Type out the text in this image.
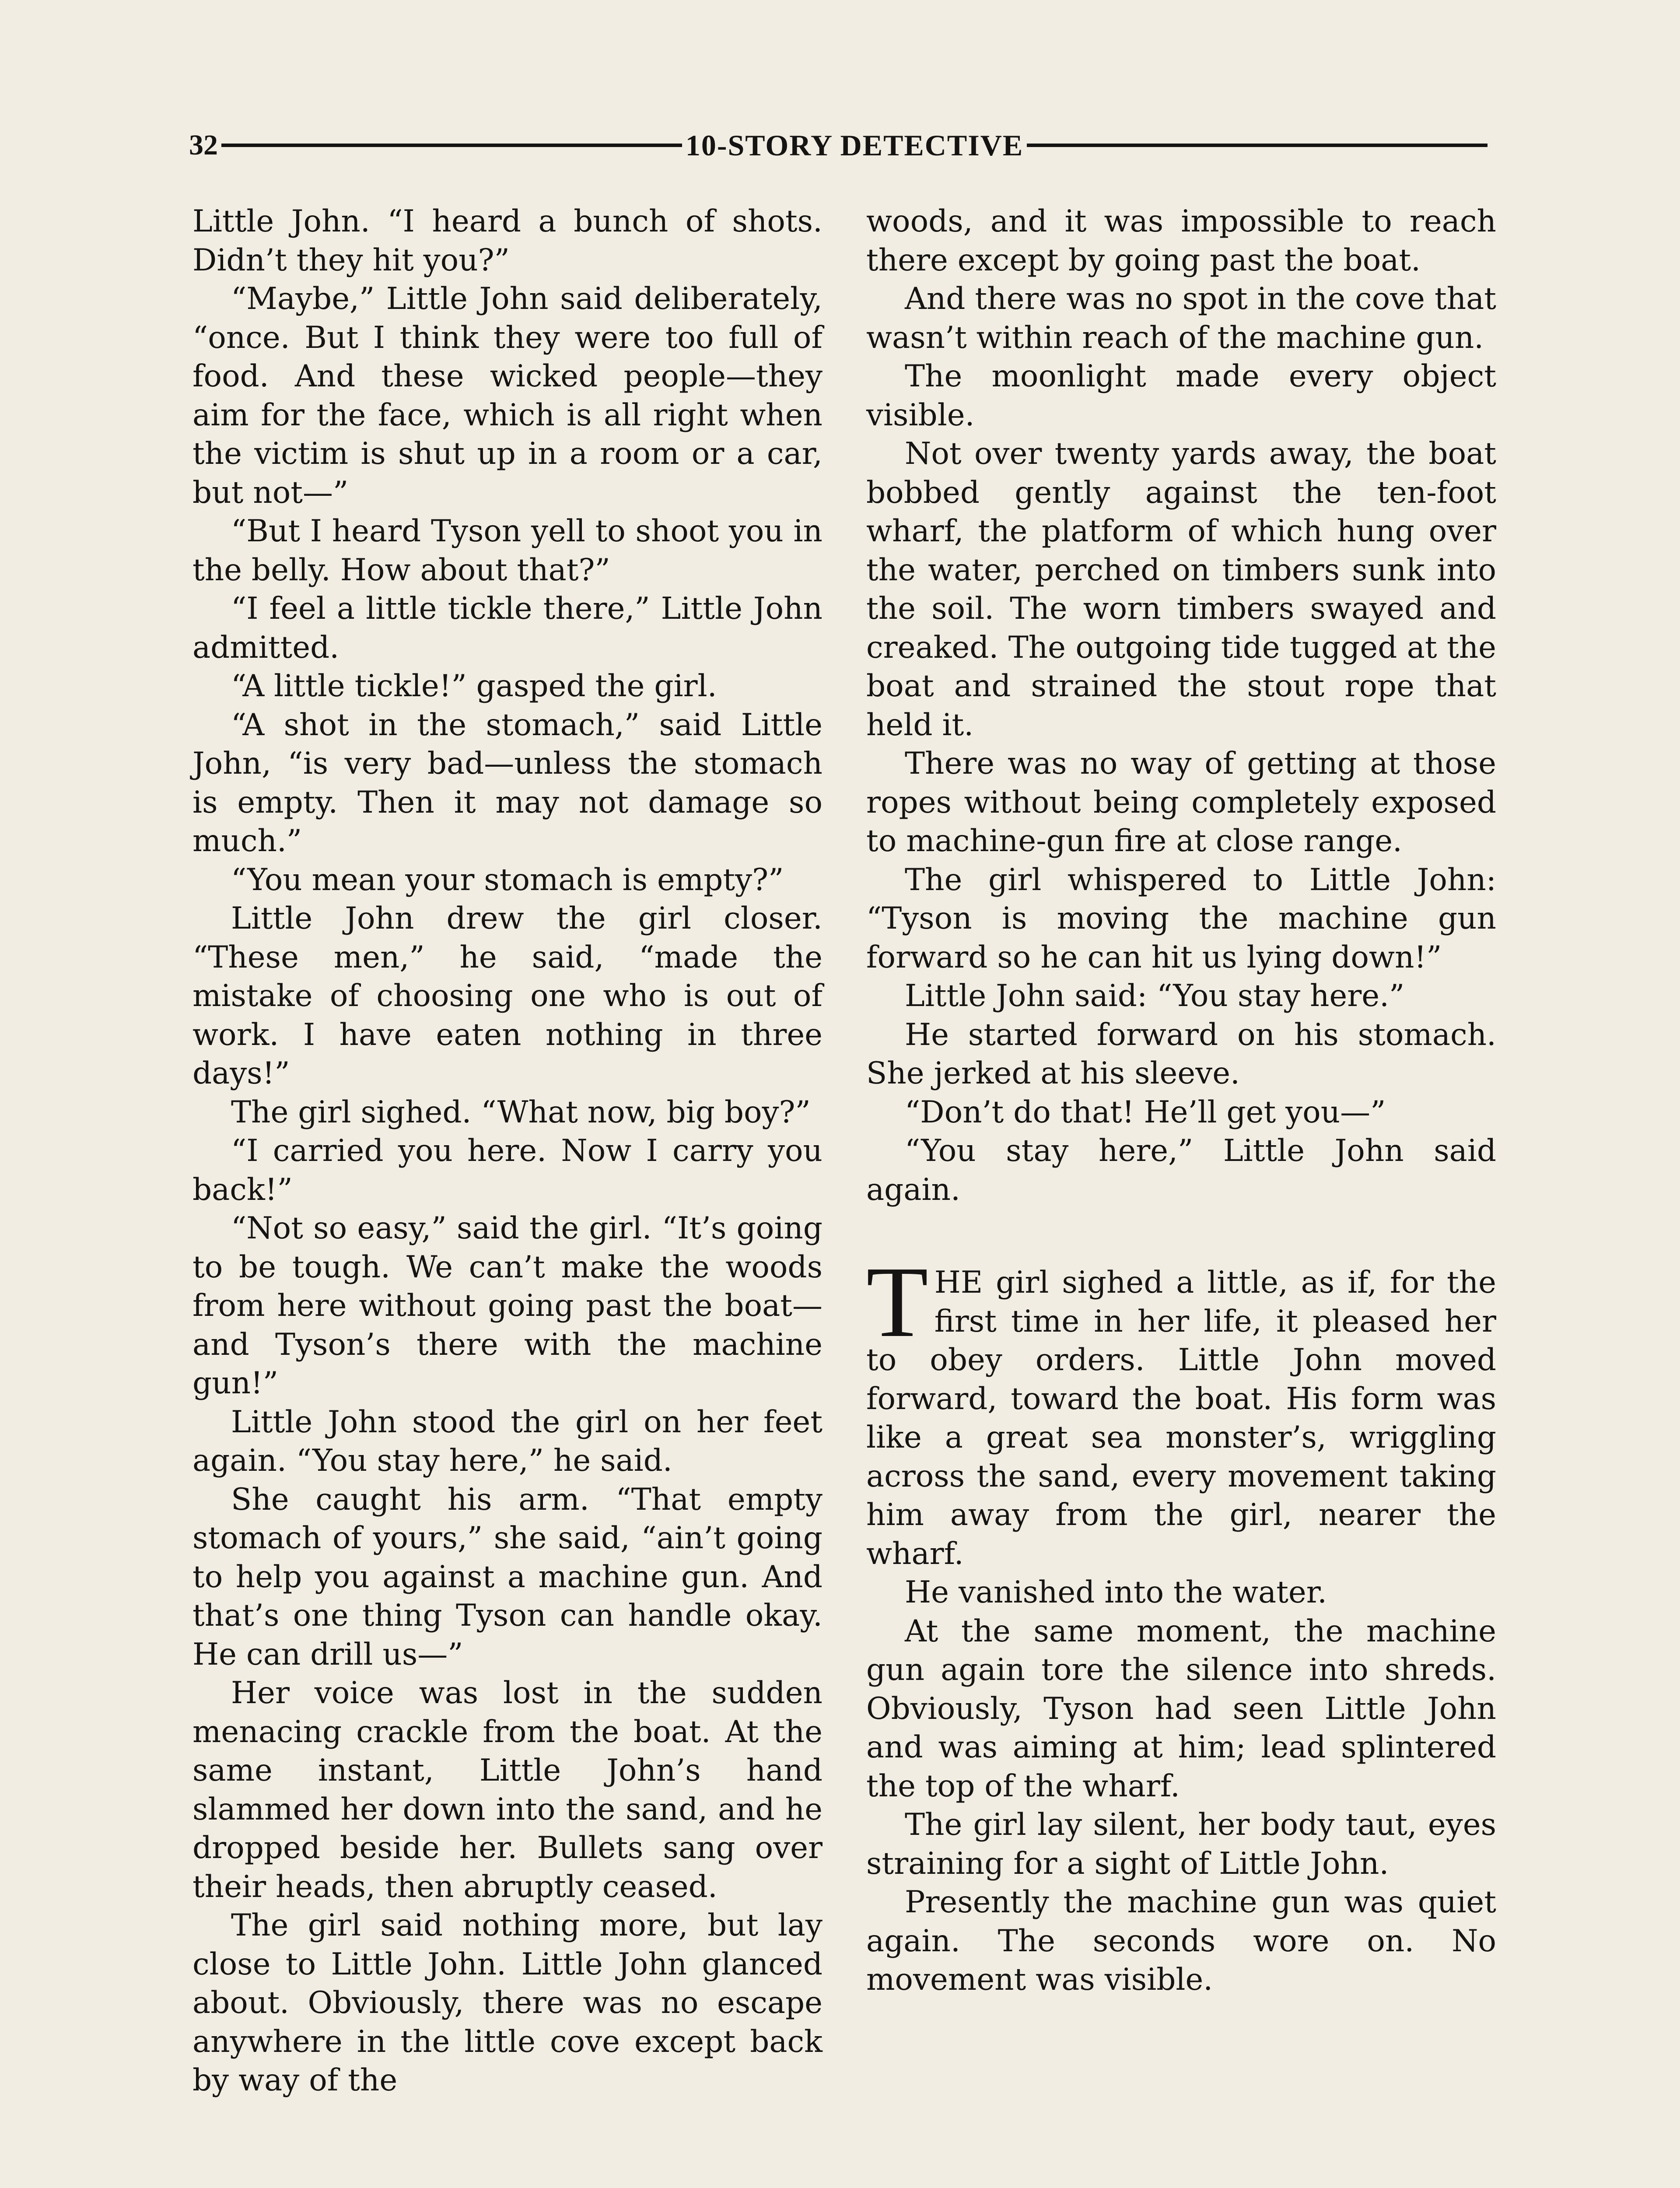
32	10-STORY DETECTIVE

Little John. “I heard a bunch of shots. Didn’t they hit you?”

“Maybe,” Little John said deliberately, “once. But I think they were too full of food. And these wicked people—they aim for the face, which is all right when the victim is shut up in a room or a car, but not—”

“But I heard Tyson yell to shoot you in the belly. How about that?”

“I feel a little tickle there,” Little John admitted.

“A little tickle!” gasped the girl.

“A shot in the stomach,” said Little John, “is very bad—unless the stomach is empty. Then it may not damage so much.”

“You mean your stomach is empty?”

Little John drew the girl closer. “These men,” he said, “made the mistake of choosing one who is out of work. I have eaten nothing in three days!”

The girl sighed. “What now, big boy?”

“I carried you here. Now I carry you back!”

“Not so easy,” said the girl. “It’s going to be tough. We can’t make the woods from here without going past the boat—and Tyson’s there with the machine gun!”

Little John stood the girl on her feet again. “You stay here,” he said.

She caught his arm. “That empty stomach of yours,” she said, “ain’t going to help you against a machine gun. And that’s one thing Tyson can handle okay. He can drill us—”

Her voice was lost in the sudden menacing crackle from the boat. At the same instant, Little John’s hand slammed her down into the sand, and he dropped beside her. Bullets sang over their heads, then abruptly ceased.

The girl said nothing more, but lay close to Little John. Little John glanced about. Obviously, there was no escape anywhere in the little cove except back by way of the

woods, and it was impossible to reach there except by going past the boat.

And there was no spot in the cove that wasn’t within reach of the machine gun.

The moonlight made every object visible.

Not over twenty yards away, the boat bobbed gently against the ten-foot wharf, the platform of which hung over the water, perched on timbers sunk into the soil. The worn timbers swayed and creaked. The outgoing tide tugged at the boat and strained the stout rope that held it.

There was no way of getting at those ropes without being completely exposed to machine-gun fire at close range.

The girl whispered to Little John: “Tyson is moving the machine gun forward so he can hit us lying down!”

Little John said: “You stay here.”

He started forward on his stomach. She jerked at his sleeve.

“Don’t do that! He’ll get you—”

“You stay here,” Little John said again.

THE girl sighed a little, as if, for the first time in her life, it pleased her to obey orders. Little John moved forward, toward the boat. His form was like a great sea monster’s, wriggling across the sand, every movement taking him away from the girl, nearer the wharf.

He vanished into the water.

At the same moment, the machine gun again tore the silence into shreds. Obviously, Tyson had seen Little John and was aiming at him; lead splintered the top of the wharf.

The girl lay silent, her body taut, eyes straining for a sight of Little John.

Presently the machine gun was quiet again. The seconds wore on. No movement was visible.
